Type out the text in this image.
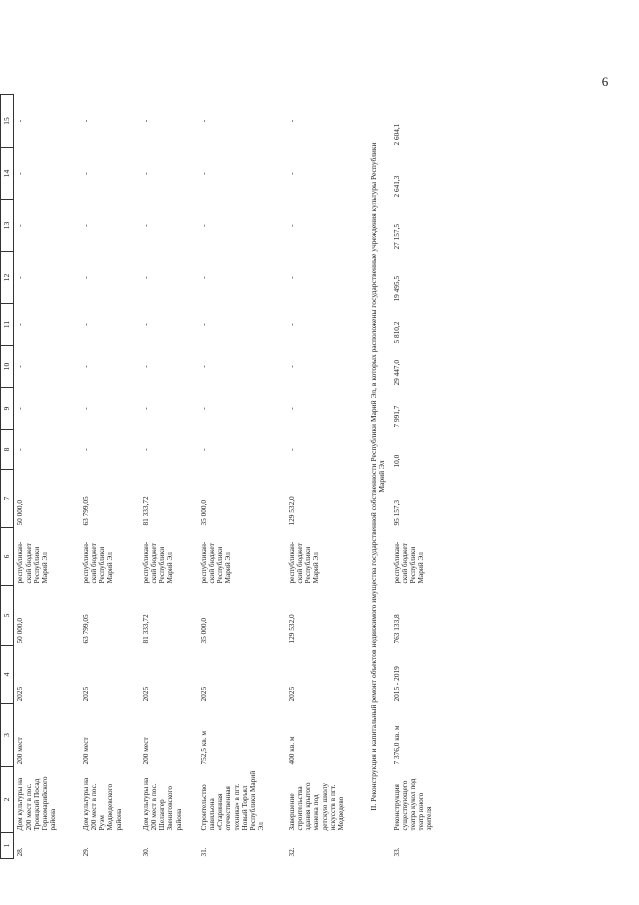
6
1	2	3	4	5	6	7	8	9	10	11	12	13	14	15
28.	Дом культуры на 200 мест в пос. Троицкий Посад Горномарийского района	200 мест	2025	50 000,0	республикан-ский бюджет Республики Марий Эл	50 000,0	-	-	-	-	-	-	-	-
29.	Дом культуры на 200 мест в пос. Руэм Медведевского района	200 мест	2025	63 799,05	республикан-ский бюджет Республики Марий Эл	63 799,05	-	-	-	-	-	-	-	-
30.	Дом культуры на 200 мест в пос. Шелангер Звениговского района	200 мест	2025	81 333,72	республикан-ский бюджет Республики Марий Эл	81 333,72	-	-	-	-	-	-	-	-
31.	Строительство павильона «Старинная отечественная техника» в пгт. Новый Торъял Республики Марий Эл	752,5 кв. м	2025	35 000,0	республикан-ский бюджет Республики Марий Эл	35 000,0	-	-	-	-	-	-	-	-
32.	Завершение строительства здания крытого манежа под детскую школу искусств в пгт. Медведево	400 кв. м	2025	129 532,0	республикан-ский бюджет Республики Марий Эл	129 532,0	-	-	-	-	-	-	-	-
II. Реконструкция и капитальный ремонт объектов недвижимого имущества государственной собственности Республики Марий Эл, в которых расположены государственные учреждения культуры Республики Марий Эл														
33.	Реконструкция существующего театра кукол под театр юного зрителя	7 376,0 кв. м	2015 - 2019	763 133,8	республикан-ский бюджет Республики Марий Эл	95 157,3	10,0	7 991,7	29 447,0	5 810,2	19 495,5	27 157,5	2 641,3	2 604,1
